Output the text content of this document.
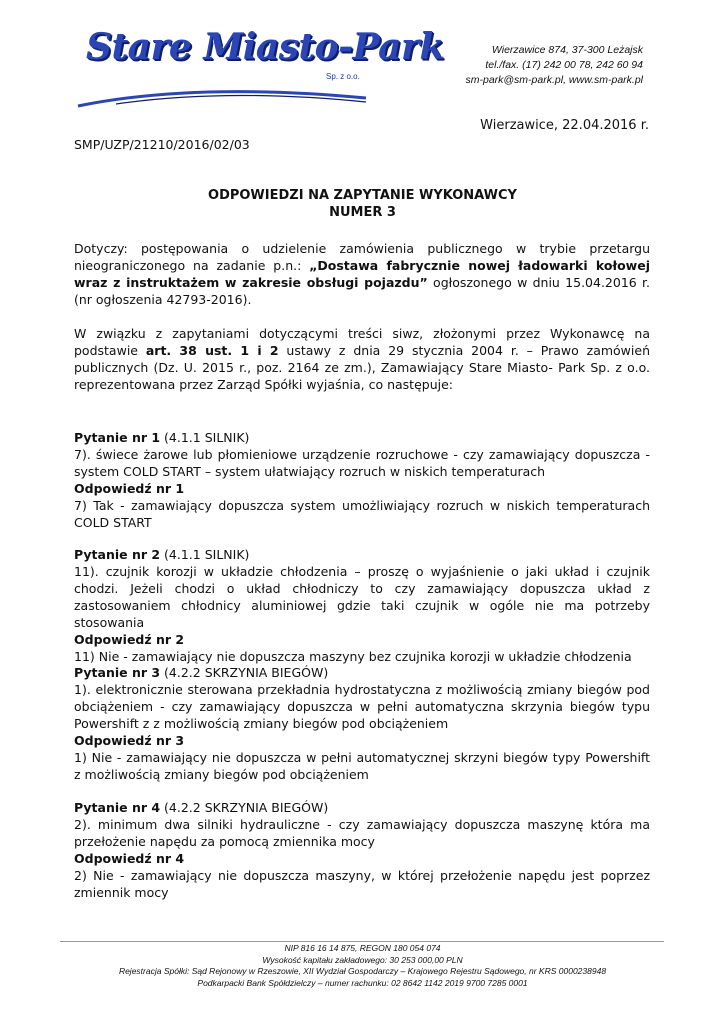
Stare Miasto-Park
Sp. z o.o.
Wierzawice 874, 37-300 Leżajsk
tel./fax. (17) 242 00 78, 242 60 94
sm-park@sm-park.pl, www.sm-park.pl
Wierzawice, 22.04.2016 r.
SMP/UZP/21210/2016/02/03
ODPOWIEDZI NA ZAPYTANIE WYKONAWCY
NUMER 3
Dotyczy: postępowania o udzielenie zamówienia publicznego w trybie przetargu nieograniczonego na zadanie p.n.: „Dostawa fabrycznie nowej ładowarki kołowej wraz z instruktażem w zakresie obsługi pojazdu” ogłoszonego w dniu 15.04.2016 r. (nr ogłoszenia 42793-2016).
W związku z zapytaniami dotyczącymi treści siwz, złożonymi przez Wykonawcę na podstawie art. 38 ust. 1 i 2 ustawy z dnia 29 stycznia 2004 r. – Prawo zamówień publicznych (Dz. U. 2015 r., poz. 2164 ze zm.), Zamawiający Stare Miasto- Park Sp. z o.o. reprezentowana przez Zarząd Spółki wyjaśnia, co następuje:

Pytanie nr 1 (4.1.1 SILNIK)

7). świece żarowe lub płomieniowe urządzenie rozruchowe - czy zamawiający dopuszcza - system COLD START – system ułatwiający rozruch w niskich temperaturach

Odpowiedź nr 1

7) Tak - zamawiający dopuszcza system umożliwiający rozruch w niskich temperaturach COLD START

Pytanie nr 2 (4.1.1 SILNIK)

11). czujnik korozji w układzie chłodzenia – proszę o wyjaśnienie o jaki układ i czujnik chodzi. Jeżeli chodzi o układ chłodniczy to czy zamawiający dopuszcza układ z zastosowaniem chłodnicy aluminiowej gdzie taki czujnik w ogóle nie ma potrzeby stosowania

Odpowiedź nr 2

11) Nie - zamawiający nie dopuszcza maszyny bez czujnika korozji w układzie chłodzenia

Pytanie nr 3 (4.2.2 SKRZYNIA BIEGÓW)

1). elektronicznie sterowana przekładnia hydrostatyczna z możliwością zmiany biegów pod obciążeniem - czy zamawiający dopuszcza w pełni automatyczna skrzynia biegów typu Powershift z z możliwością zmiany biegów pod obciążeniem

Odpowiedź nr 3

1) Nie - zamawiający nie dopuszcza w pełni automatycznej skrzyni biegów typy Powershift z możliwością zmiany biegów pod obciążeniem

Pytanie nr 4 (4.2.2 SKRZYNIA BIEGÓW)

2). minimum dwa silniki hydrauliczne - czy zamawiający dopuszcza maszynę która ma przełożenie napędu za pomocą zmiennika mocy

Odpowiedź nr 4

2) Nie - zamawiający nie dopuszcza maszyny, w której przełożenie napędu jest poprzez zmiennik mocy

NIP 816 16 14 875, REGON 180 054 074
Wysokość kapitału zakładowego: 30 253 000,00 PLN
Rejestracja Spółki: Sąd Rejonowy w Rzeszowie, XII Wydział Gospodarczy – Krajowego Rejestru Sądowego, nr KRS 0000238948
Podkarpacki Bank Spółdzielczy – numer rachunku: 02 8642 1142 2019 9700 7285 0001
